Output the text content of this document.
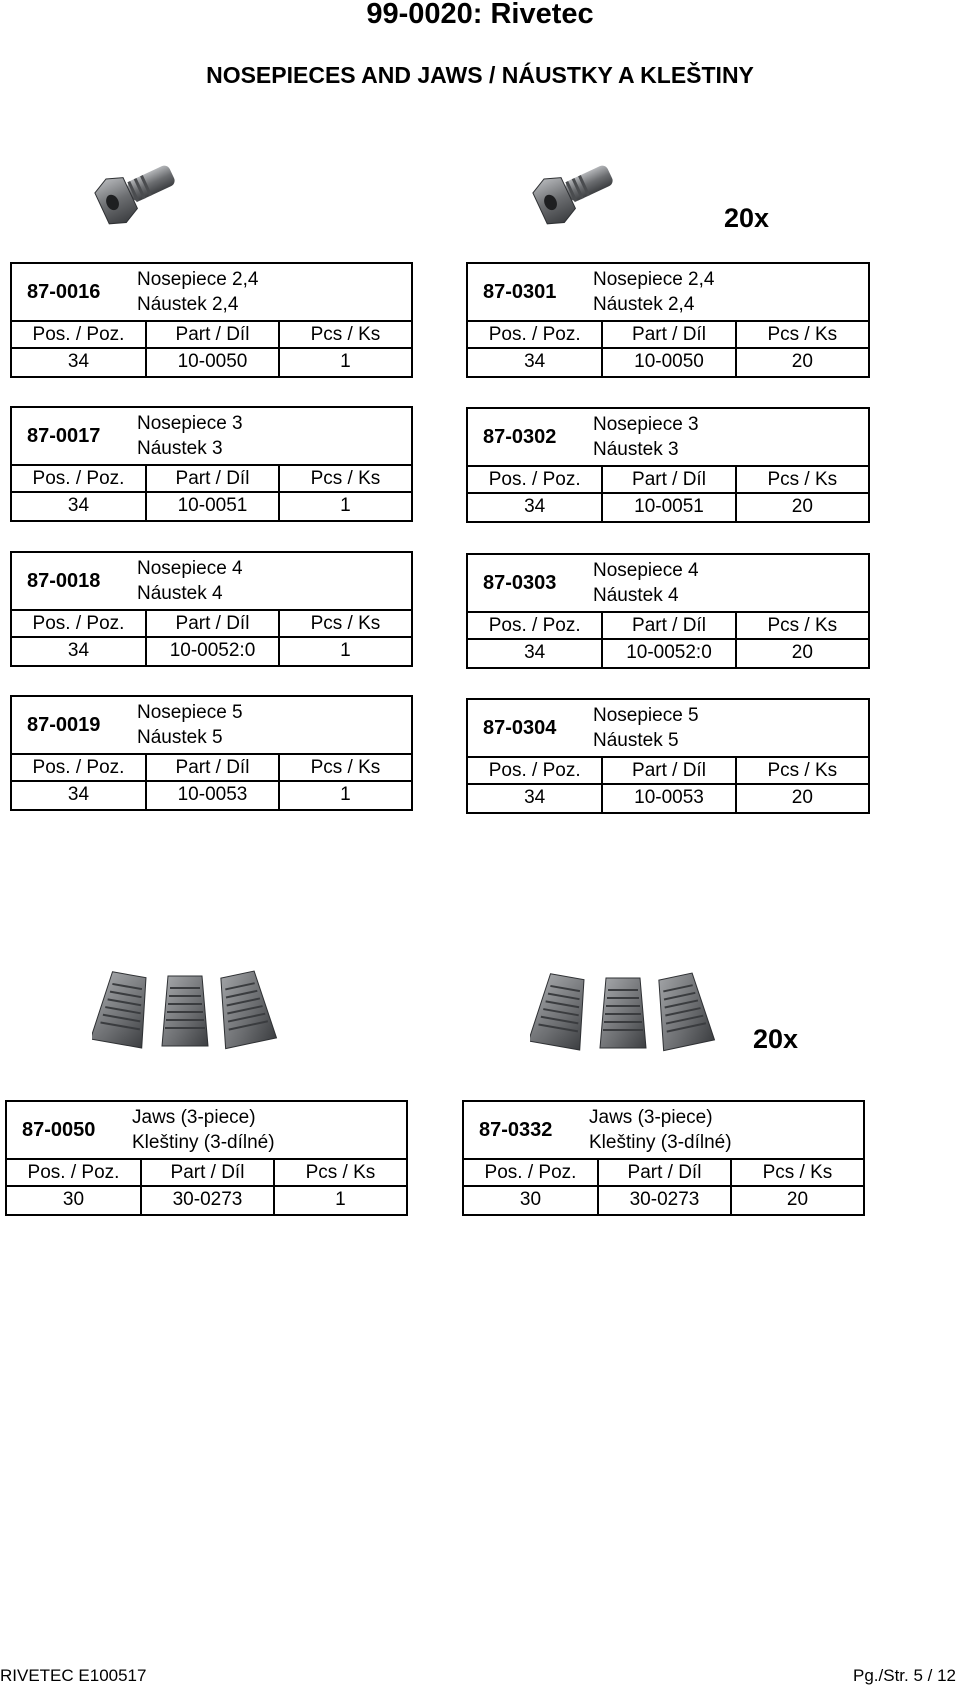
99-0020: Rivetec
NOSEPIECES AND JAWS / NÁUSTKY A KLEŠTINY
20x
87-0016
Nosepiece 2,4
Náustek 2,4
Pos. / Poz.	Part / Díl	Pcs / Ks
34	10-0050	1
87-0017
Nosepiece 3
Náustek 3
Pos. / Poz.	Part / Díl	Pcs / Ks
34	10-0051	1
87-0018
Nosepiece 4
Náustek 4
Pos. / Poz.	Part / Díl	Pcs / Ks
34	10-0052:0	1
87-0019
Nosepiece 5
Náustek 5
Pos. / Poz.	Part / Díl	Pcs / Ks
34	10-0053	1
87-0301
Nosepiece 2,4
Náustek 2,4
Pos. / Poz.	Part / Díl	Pcs / Ks
34	10-0050	20
87-0302
Nosepiece 3
Náustek 3
Pos. / Poz.	Part / Díl	Pcs / Ks
34	10-0051	20
87-0303
Nosepiece 4
Náustek 4
Pos. / Poz.	Part / Díl	Pcs / Ks
34	10-0052:0	20
87-0304
Nosepiece 5
Náustek 5
Pos. / Poz.	Part / Díl	Pcs / Ks
34	10-0053	20
20x
87-0050
Jaws (3-piece)
Kleštiny (3-dílné)
Pos. / Poz.	Part / Díl	Pcs / Ks
30	30-0273	1
87-0332
Jaws (3-piece)
Kleštiny (3-dílné)
Pos. / Poz.	Part / Díl	Pcs / Ks
30	30-0273	20
RIVETEC E100517	Pg./Str. 5 / 12
